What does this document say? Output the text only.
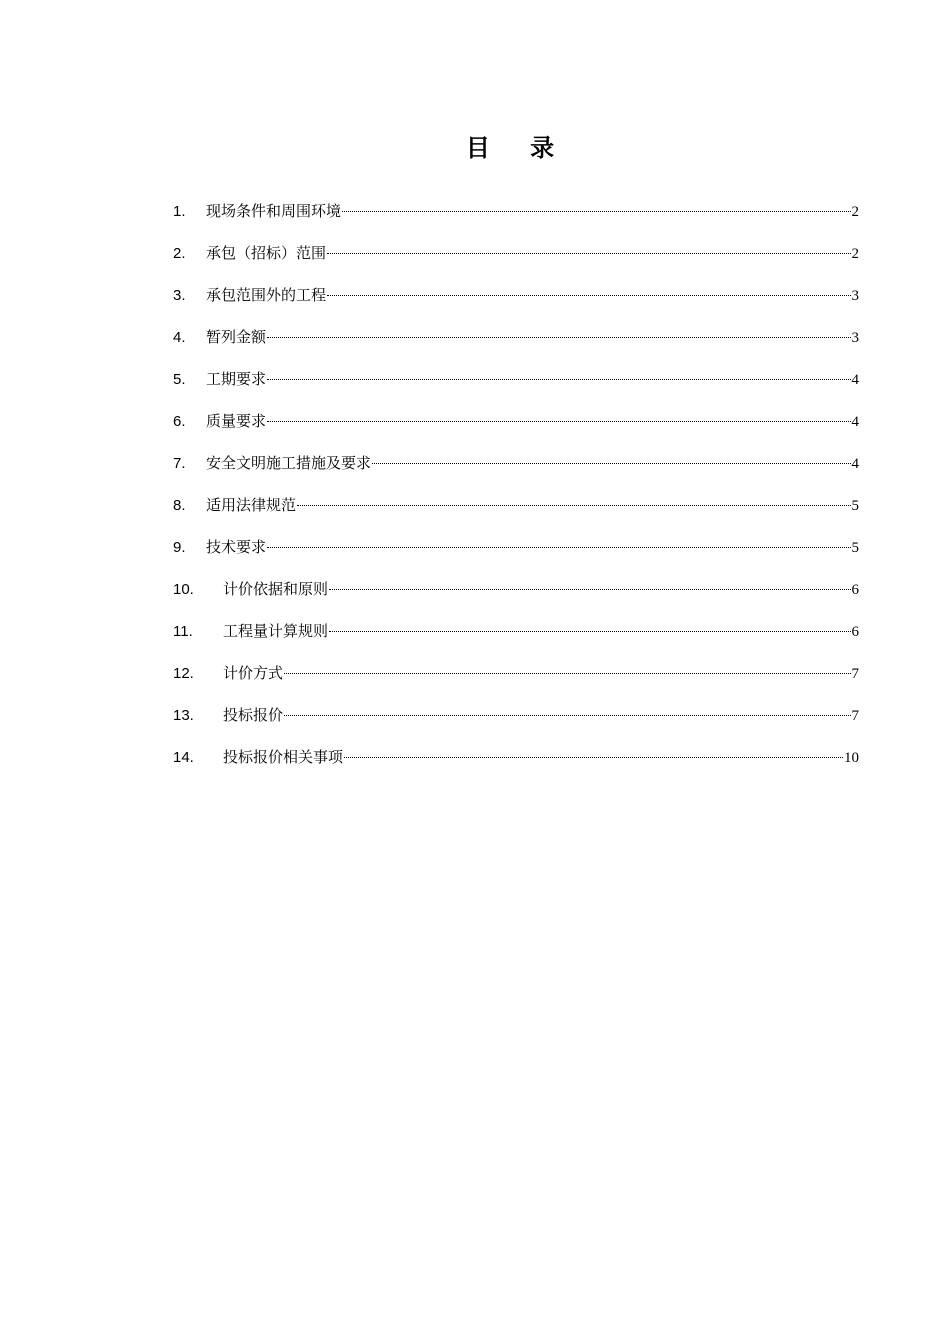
目 录
1.	现场条件和周围环境	2
2.	承包（招标）范围	2
3.	承包范围外的工程	3
4.	暂列金额	3
5.	工期要求	4
6.	质量要求	4
7.	安全文明施工措施及要求	4
8.	适用法律规范	5
9.	技术要求	5
10.	计价依据和原则	6
11.	工程量计算规则	6
12.	计价方式	7
13.	投标报价	7
14.	投标报价相关事项	10
